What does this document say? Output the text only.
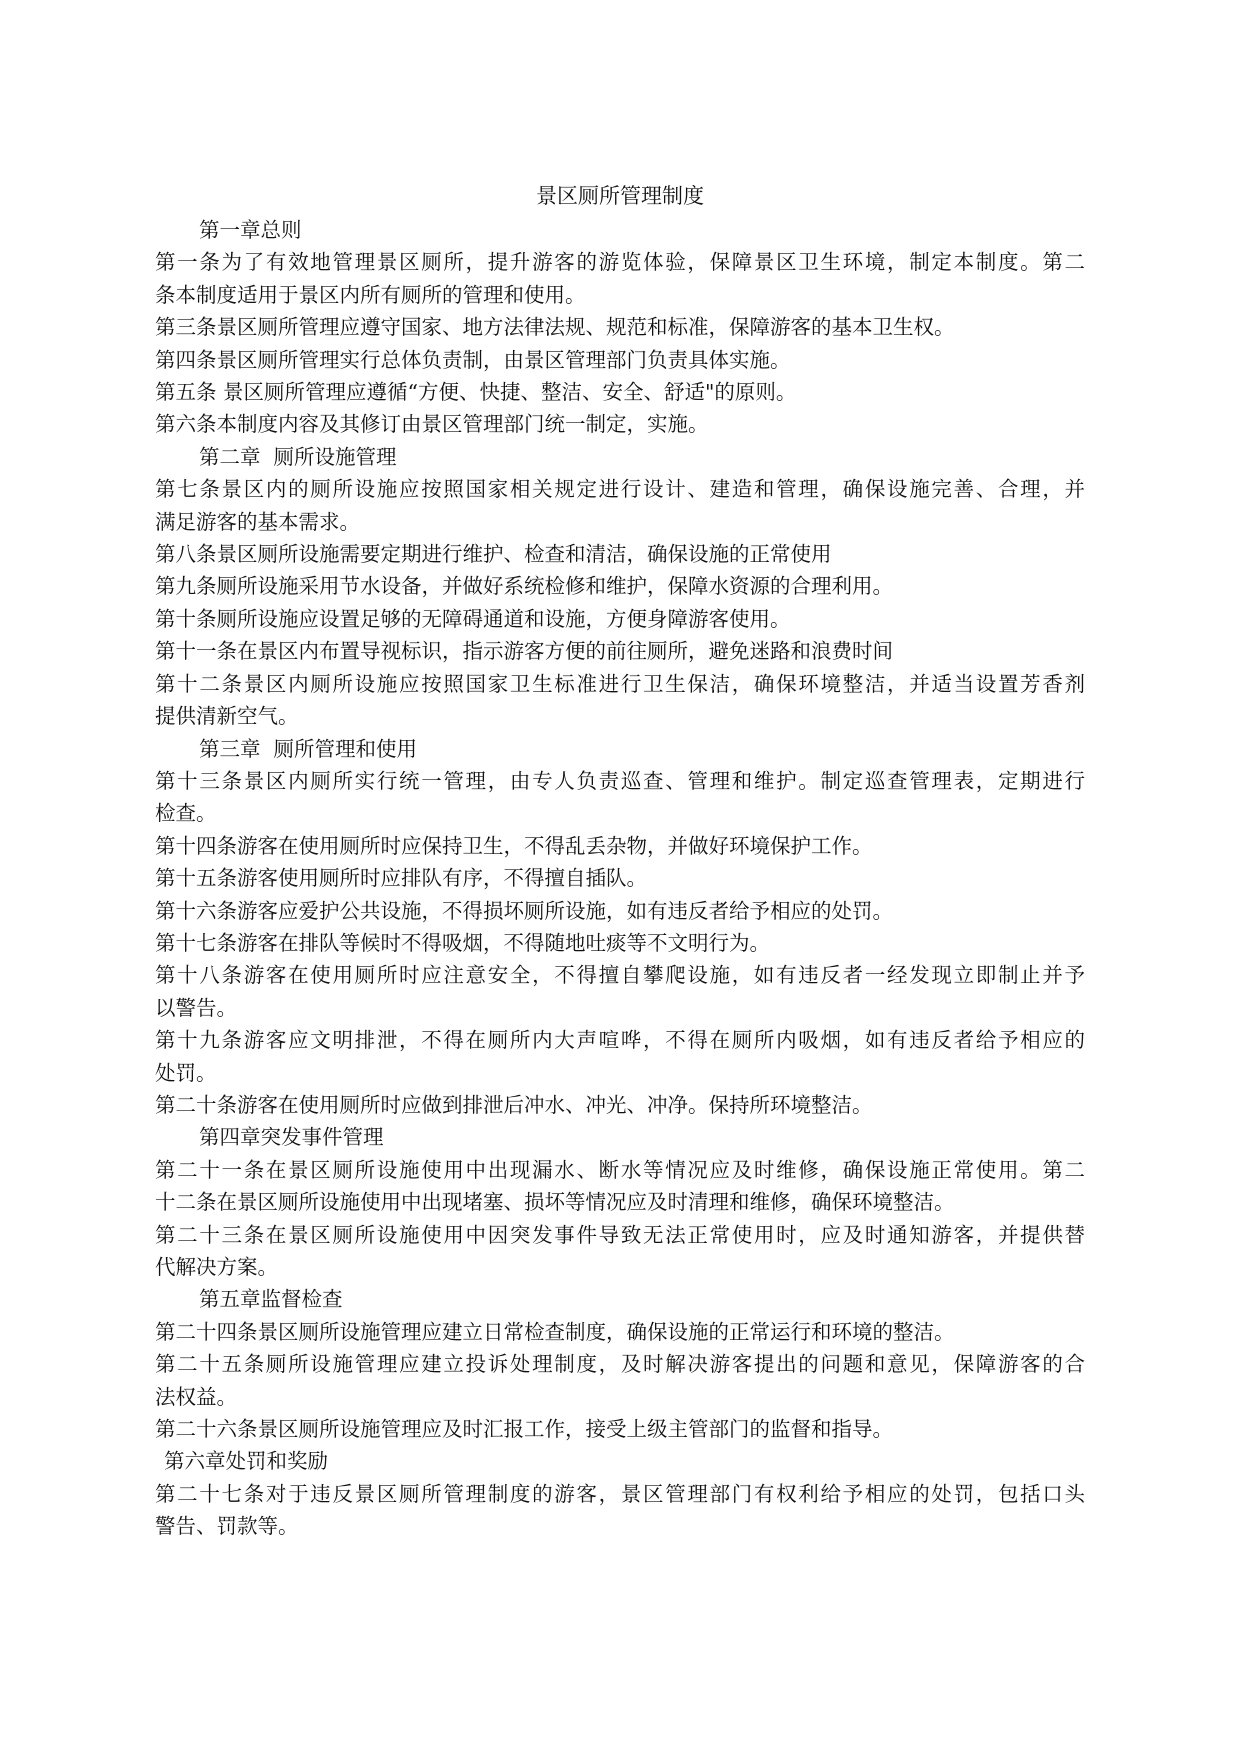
景区厕所管理制度
第一章总则
第一条为了有效地管理景区厕所，提升游客的游览体验，保障景区卫生环境，制定本制度。第二
条本制度适用于景区内所有厕所的管理和使用。
第三条景区厕所管理应遵守国家、地方法律法规、规范和标准，保障游客的基本卫生权。
第四条景区厕所管理实行总体负责制，由景区管理部门负责具体实施。
第五条 景区厕所管理应遵循“方便、快捷、整洁、安全、舒适"的原则。
第六条本制度内容及其修订由景区管理部门统一制定，实施。
第二章  厕所设施管理
第七条景区内的厕所设施应按照国家相关规定进行设计、建造和管理，确保设施完善、合理，并
满足游客的基本需求。
第八条景区厕所设施需要定期进行维护、检查和清洁，确保设施的正常使用
第九条厕所设施采用节水设备，并做好系统检修和维护，保障水资源的合理利用。
第十条厕所设施应设置足够的无障碍通道和设施，方便身障游客使用。
第十一条在景区内布置导视标识，指示游客方便的前往厕所，避免迷路和浪费时间
第十二条景区内厕所设施应按照国家卫生标准进行卫生保洁，确保环境整洁，并适当设置芳香剂
提供清新空气。
第三章  厕所管理和使用
第十三条景区内厕所实行统一管理，由专人负责巡查、管理和维护。制定巡查管理表，定期进行
检查。
第十四条游客在使用厕所时应保持卫生，不得乱丢杂物，并做好环境保护工作。
第十五条游客使用厕所时应排队有序，不得擅自插队。
第十六条游客应爱护公共设施，不得损坏厕所设施，如有违反者给予相应的处罚。
第十七条游客在排队等候时不得吸烟，不得随地吐痰等不文明行为。
第十八条游客在使用厕所时应注意安全，不得擅自攀爬设施，如有违反者一经发现立即制止并予
以警告。
第十九条游客应文明排泄，不得在厕所内大声喧哗，不得在厕所内吸烟，如有违反者给予相应的
处罚。
第二十条游客在使用厕所时应做到排泄后冲水、冲光、冲净。保持所环境整洁。
第四章突发事件管理
第二十一条在景区厕所设施使用中出现漏水、断水等情况应及时维修，确保设施正常使用。第二
十二条在景区厕所设施使用中出现堵塞、损坏等情况应及时清理和维修，确保环境整洁。
第二十三条在景区厕所设施使用中因突发事件导致无法正常使用时，应及时通知游客，并提供替
代解决方案。
第五章监督检查
第二十四条景区厕所设施管理应建立日常检查制度，确保设施的正常运行和环境的整洁。
第二十五条厕所设施管理应建立投诉处理制度，及时解决游客提出的问题和意见，保障游客的合
法权益。
第二十六条景区厕所设施管理应及时汇报工作，接受上级主管部门的监督和指导。
第六章处罚和奖励
第二十七条对于违反景区厕所管理制度的游客，景区管理部门有权利给予相应的处罚，包括口头
警告、罚款等。
